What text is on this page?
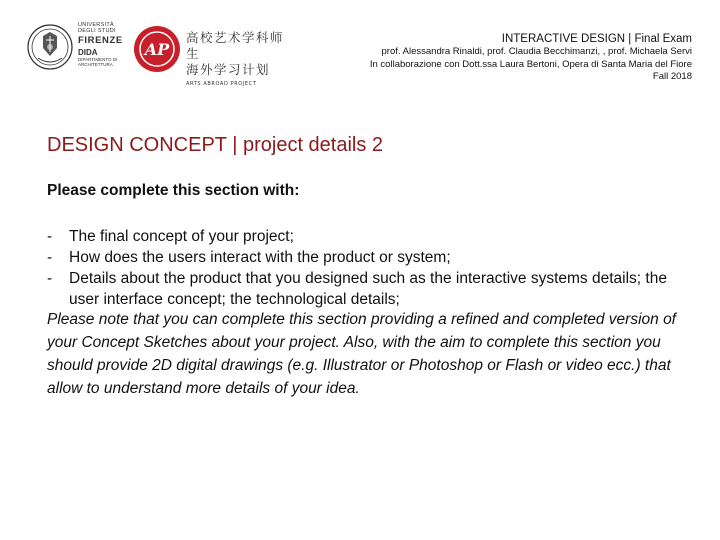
UNIVERSITÀ
DEGLI STUDI
FIRENZE
DIDA
DIPARTIMENTO DI
ARCHITETTURA
AP
高校艺术学科师生
海外学习计划
ARTS ABROAD PROJECT
INTERACTIVE DESIGN | Final Exam
prof. Alessandra Rinaldi, prof. Claudia Becchimanzi, , prof. Michaela Servi
In collaborazione con Dott.ssa Laura Bertoni, Opera di Santa Maria del Fiore
Fall 2018
DESIGN CONCEPT | project details 2
Please complete this section with:
- The final concept of your project;
- How does the users interact with the product or system;
- Details about the product that you designed such as the interactive systems details; the user interface concept; the technological details;
Please note that you can complete this section providing a refined and completed version of your Concept Sketches about your project. Also, with the aim to complete this section you should provide 2D digital drawings (e.g. Illustrator or Photoshop or Flash or video ecc.) that allow to understand more details of your idea.
